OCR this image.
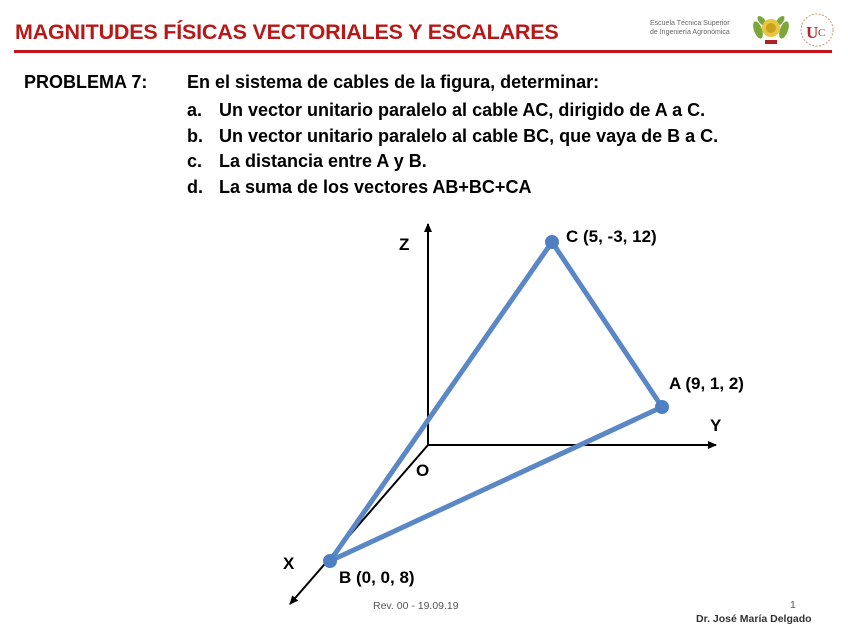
MAGNITUDES FÍSICAS VECTORIALES Y ESCALARES	Escuela Técnica Superior
de Ingeniería Agronómica	U C
PROBLEMA 7: En el sistema de cables de la figura, determinar:
a. Un vector unitario paralelo al cable AC, dirigido de A a C.
b. Un vector unitario paralelo al cable BC, que vaya de B a C.
c. La distancia entre A y B.
d. La suma de los vectores AB+BC+CA
Z
Y
X
O
C (5, -3, 12)
A (9, 1, 2)
B (0, 0, 8)
Rev. 00 - 19.09.19	1
Dr. José María Delgado
